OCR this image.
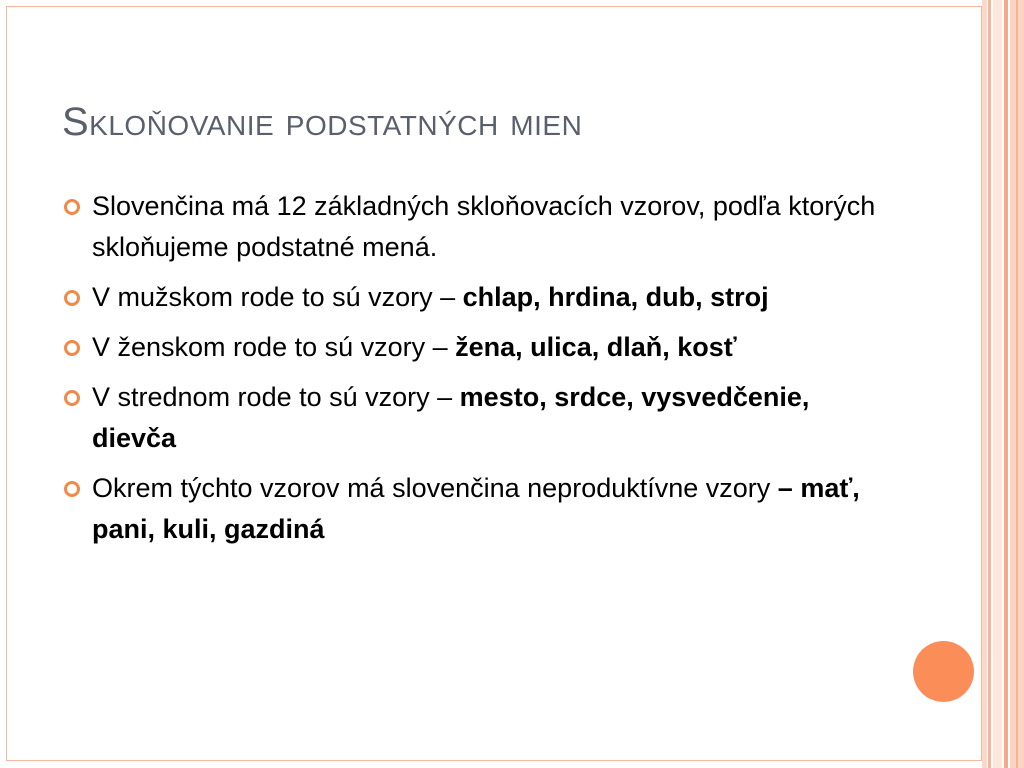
Skloňovanie podstatných mien
Slovenčina má 12 základných skloňovacích vzorov, podľa ktorých skloňujeme podstatné mená.
V mužskom rode to sú vzory – chlap, hrdina, dub, stroj
V ženskom rode to sú vzory – žena, ulica, dlaň, kosť
V strednom rode to sú vzory – mesto, srdce, vysvedčenie, dievča
Okrem týchto vzorov má slovenčina neproduktívne vzory – mať, pani, kuli, gazdiná
